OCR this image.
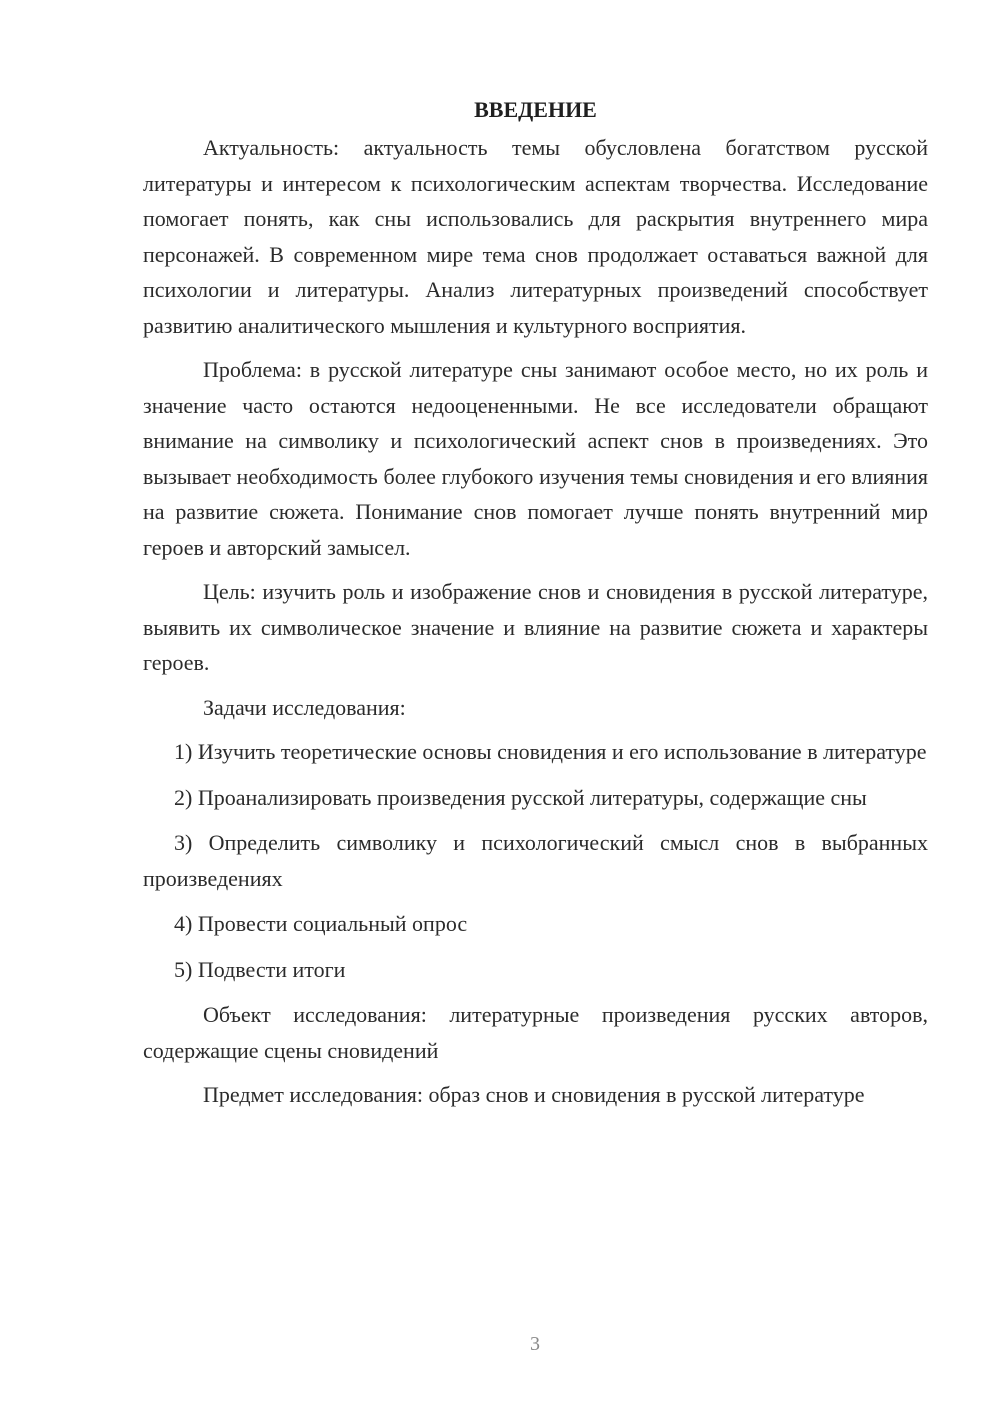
ВВЕДЕНИЕ

Актуальность: актуальность темы обусловлена богатством русской литературы и интересом к психологическим аспектам творчества. Исследование помогает понять, как сны использовались для раскрытия внутреннего мира персонажей. В современном мире тема снов продолжает оставаться важной для психологии и литературы. Анализ литературных произведений способствует развитию аналитического мышления и культурного восприятия.

Проблема: в русской литературе сны занимают особое место, но их роль и значение часто остаются недооцененными. Не все исследователи обращают внимание на символику и психологический аспект снов в произведениях. Это вызывает необходимость более глубокого изучения темы сновидения и его влияния на развитие сюжета. Понимание снов помогает лучше понять внутренний мир героев и авторский замысел.

Цель: изучить роль и изображение снов и сновидения в русской литературе, выявить их символическое значение и влияние на развитие сюжета и характеры героев.

Задачи исследования:

1) Изучить теоретические основы сновидения и его использование в литературе

2) Проанализировать произведения русской литературы, содержащие сны

3) Определить символику и психологический смысл снов в выбранных произведениях

4) Провести социальный опрос

5) Подвести итоги

Объект исследования: литературные произведения русских авторов, содержащие сцены сновидений

Предмет исследования: образ снов и сновидения в русской литературе

3
